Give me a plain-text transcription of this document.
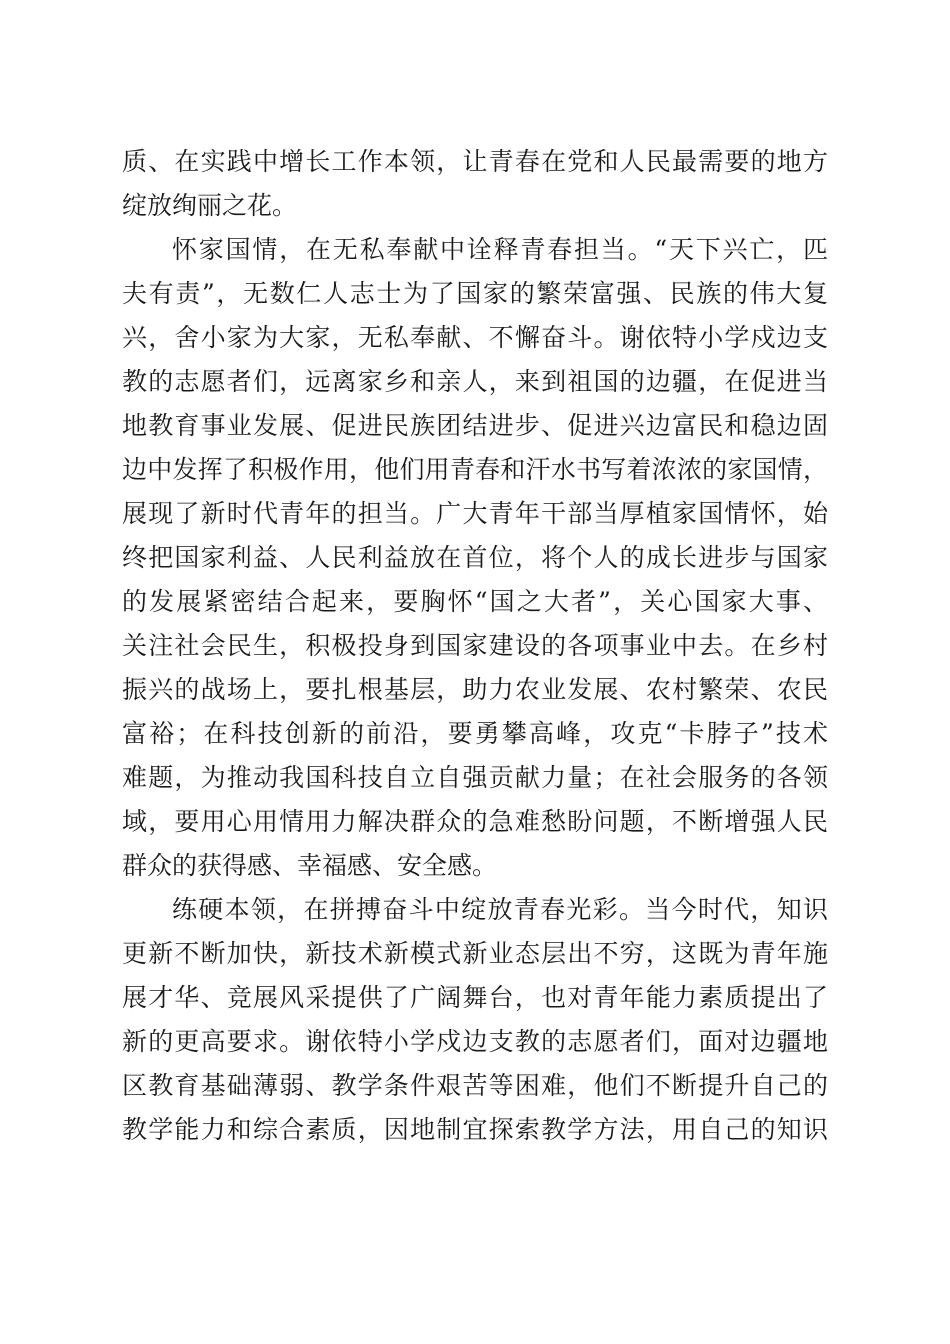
质、在实践中增长工作本领，让青春在党和人民最需要的地方
绽放绚丽之花。
怀家国情，在无私奉献中诠释青春担当。“天下兴亡，匹
夫有责”，无数仁人志士为了国家的繁荣富强、民族的伟大复
兴，舍小家为大家，无私奉献、不懈奋斗。谢依特小学戍边支
教的志愿者们，远离家乡和亲人，来到祖国的边疆，在促进当
地教育事业发展、促进民族团结进步、促进兴边富民和稳边固
边中发挥了积极作用，他们用青春和汗水书写着浓浓的家国情，
展现了新时代青年的担当。广大青年干部当厚植家国情怀，始
终把国家利益、人民利益放在首位，将个人的成长进步与国家
的发展紧密结合起来，要胸怀“国之大者”，关心国家大事、
关注社会民生，积极投身到国家建设的各项事业中去。在乡村
振兴的战场上，要扎根基层，助力农业发展、农村繁荣、农民
富裕；在科技创新的前沿，要勇攀高峰，攻克“卡脖子”技术
难题，为推动我国科技自立自强贡献力量；在社会服务的各领
域，要用心用情用力解决群众的急难愁盼问题，不断增强人民
群众的获得感、幸福感、安全感。
练硬本领，在拼搏奋斗中绽放青春光彩。当今时代，知识
更新不断加快，新技术新模式新业态层出不穷，这既为青年施
展才华、竞展风采提供了广阔舞台，也对青年能力素质提出了
新的更高要求。谢依特小学戍边支教的志愿者们，面对边疆地
区教育基础薄弱、教学条件艰苦等困难，他们不断提升自己的
教学能力和综合素质，因地制宜探索教学方法，用自己的知识
